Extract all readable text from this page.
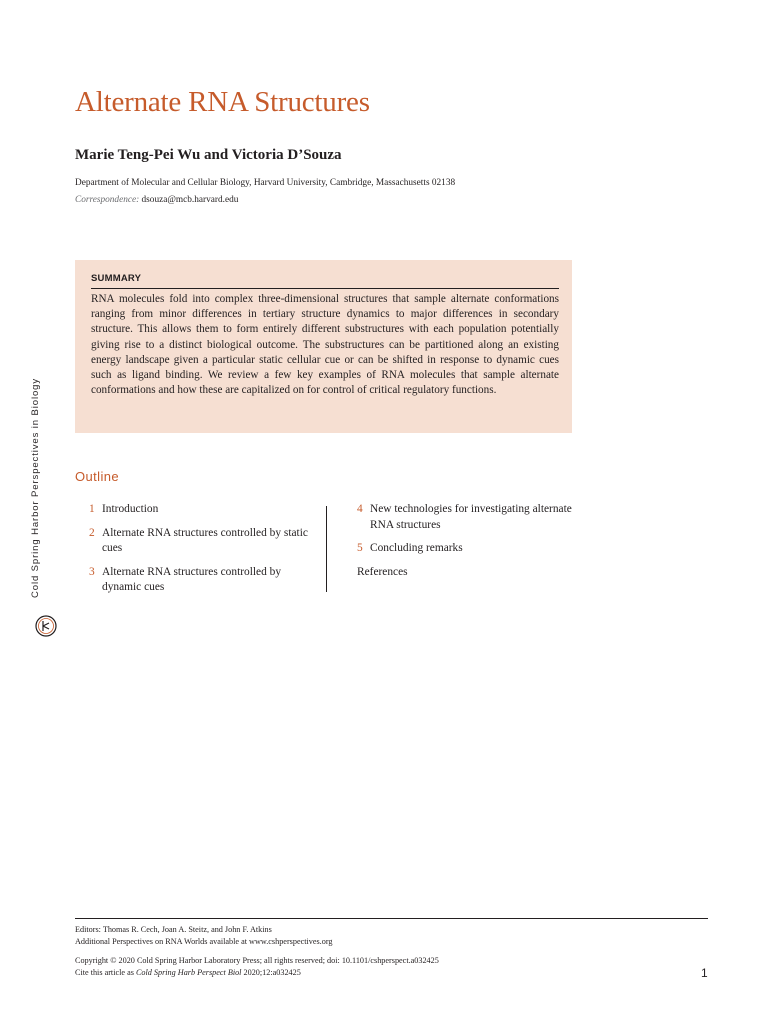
Cold Spring Harbor Perspectives in Biology
Alternate RNA Structures
Marie Teng-Pei Wu and Victoria D’Souza
Department of Molecular and Cellular Biology, Harvard University, Cambridge, Massachusetts 02138
Correspondence: dsouza@mcb.harvard.edu
SUMMARY
RNA molecules fold into complex three-dimensional structures that sample alternate conformations ranging from minor differences in tertiary structure dynamics to major differences in secondary structure. This allows them to form entirely different substructures with each population potentially giving rise to a distinct biological outcome. The substructures can be partitioned along an existing energy landscape given a particular static cellular cue or can be shifted in response to dynamic cues such as ligand binding. We review a few key examples of RNA molecules that sample alternate conformations and how these are capitalized on for control of critical regulatory functions.
Outline
1 Introduction
2 Alternate RNA structures controlled by static cues
3 Alternate RNA structures controlled by dynamic cues
4 New technologies for investigating alternate RNA structures
5 Concluding remarks
References
Editors: Thomas R. Cech, Joan A. Steitz, and John F. Atkins
Additional Perspectives on RNA Worlds available at www.cshperspectives.org
Copyright © 2020 Cold Spring Harbor Laboratory Press; all rights reserved; doi: 10.1101/cshperspect.a032425
Cite this article as Cold Spring Harb Perspect Biol 2020;12:a032425	1
